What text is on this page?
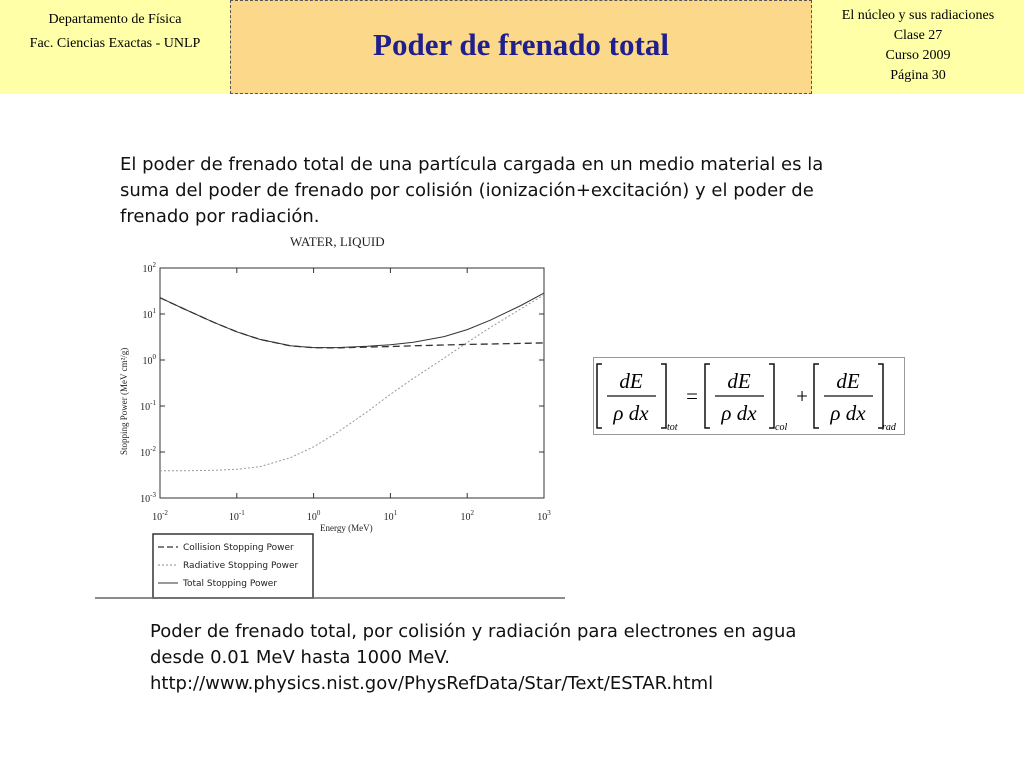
Departamento de Física
Fac. Ciencias Exactas - UNLP	Poder de frenado total
El núcleo y sus radiaciones
Clase 27
Curso 2009
Página 30
El poder de frenado total de una partícula cargada en un medio material es la
suma del poder de frenado por colisión (ionización+excitación) y el poder de
frenado por radiación.
WATER, LIQUID
$10^{-2}$	$10^{-1}$	$10^0$	$10^1$	$10^2$	$10^3$
$10^{-3}$
$10^{-2}$
$10^{-1}$
$10^0$
$10^1$
$10^2$
Energy (MeV)
Stopping Power (MeV cm²/g)
Collision Stopping Power
Radiative Stopping Power
Total Stopping Power
dE
ρ dx
tot
=
dE
ρ dx
col
+
dE
ρ dx
rad
Poder de frenado total, por colisión y radiación para electrones en agua
desde 0.01 MeV hasta 1000 MeV.
http://www.physics.nist.gov/PhysRefData/Star/Text/ESTAR.html
